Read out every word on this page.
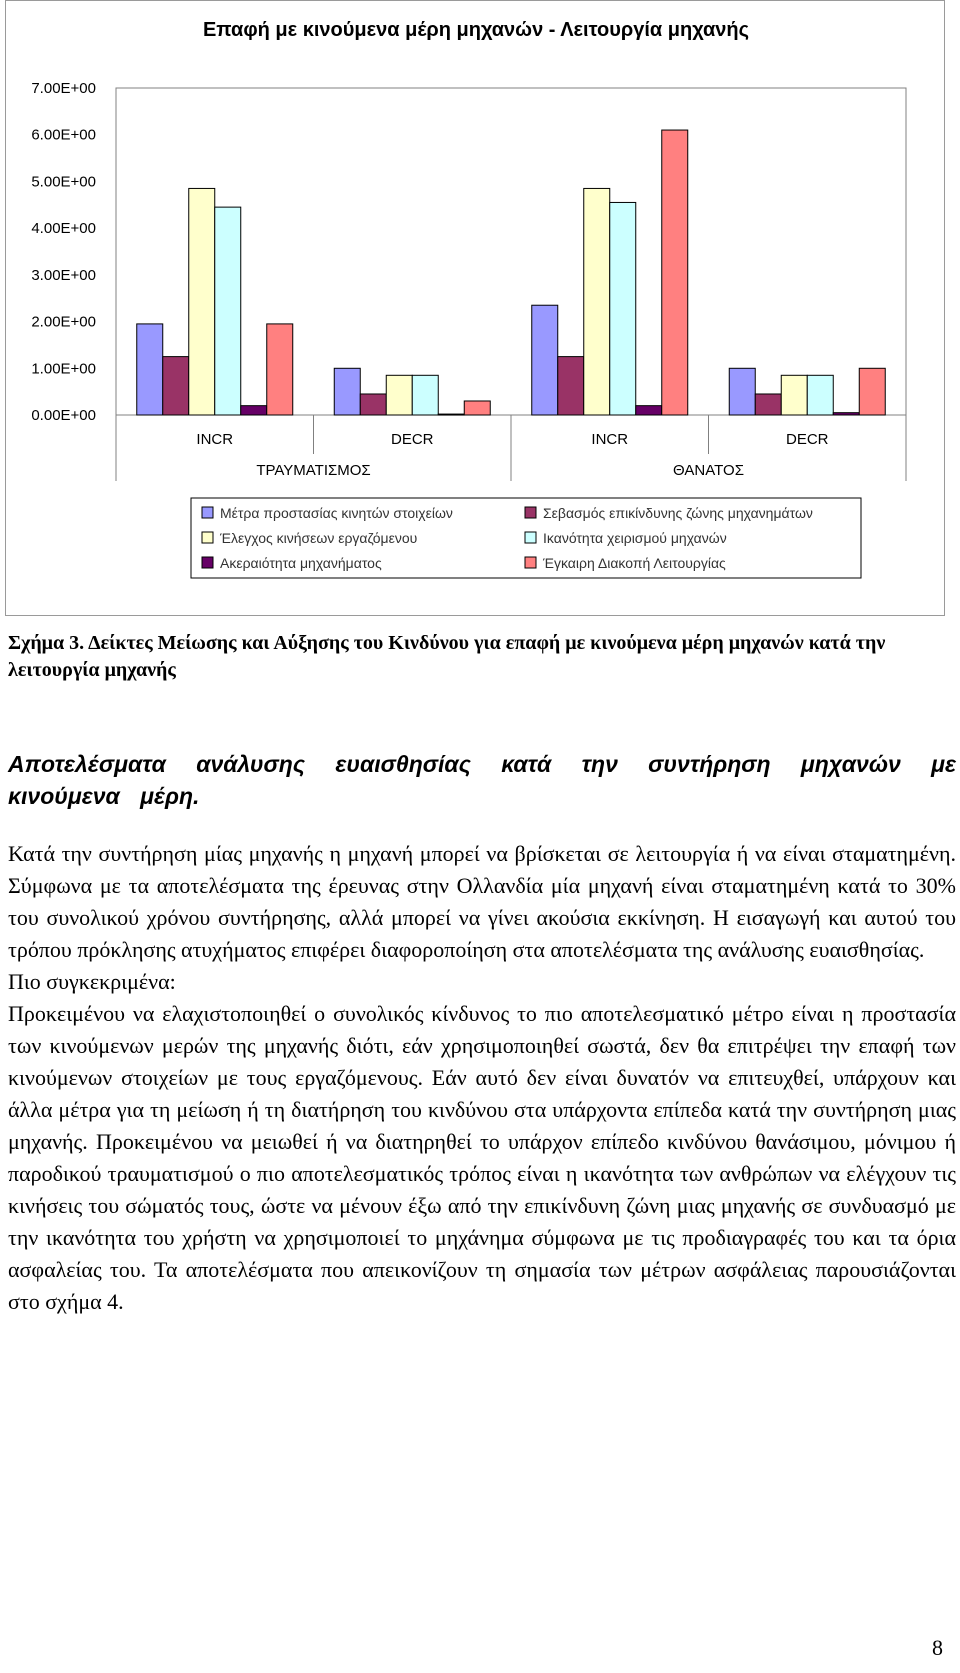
Επαφή με κινούμενα μέρη μηχανών - Λειτουργία μηχανής
7.00E+00
6.00E+00
5.00E+00
4.00E+00
3.00E+00
2.00E+00
1.00E+00
0.00E+00
INCR	DECR	INCR	DECR
ΤΡΑΥΜΑΤΙΣΜΟΣ	ΘΑΝΑΤΟΣ
Μέτρα προστασίας κινητών στοιχείων	Σεβασμός επικίνδυνης ζώνης μηχανημάτων
Έλεγχος κινήσεων εργαζόμενου	Ικανότητα χειρισμού μηχανών
Ακεραιότητα μηχανήματος	Έγκαιρη Διακοπή Λειτουργίας
Σχήμα 3. Δείκτες Μείωσης και Αύξησης του Κινδύνου για επαφή με κινούμενα μέρη μηχανών κατά την λειτουργία μηχανής
Αποτελέσματα ανάλυσης ευαισθησίας κατά την συντήρηση μηχανών με κινούμενα μέρη.

Κατά την συντήρηση μίας μηχανής η μηχανή μπορεί να βρίσκεται σε λειτουργία ή να είναι σταματημένη. Σύμφωνα με τα αποτελέσματα της έρευνας στην Ολλανδία μία μηχανή είναι σταματημένη κατά το 30% του συνολικού χρόνου συντήρησης, αλλά μπορεί να γίνει ακούσια εκκίνηση. Η εισαγωγή και αυτού του τρόπου πρόκλησης ατυχήματος επιφέρει διαφοροποίηση στα αποτελέσματα της ανάλυσης ευαισθησίας.

Πιο συγκεκριμένα:

Προκειμένου να ελαχιστοποιηθεί ο συνολικός κίνδυνος το πιο αποτελεσματικό μέτρο είναι η προστασία των κινούμενων μερών της μηχανής διότι, εάν χρησιμοποιηθεί σωστά, δεν θα επιτρέψει την επαφή των κινούμενων στοιχείων με τους εργαζόμενους. Εάν αυτό δεν είναι δυνατόν να επιτευχθεί, υπάρχουν και άλλα μέτρα για τη μείωση ή τη διατήρηση του κινδύνου στα υπάρχοντα επίπεδα κατά την συντήρηση μιας μηχανής. Προκειμένου να μειωθεί ή να διατηρηθεί το υπάρχον επίπεδο κινδύνου θανάσιμου, μόνιμου ή παροδικού τραυματισμού ο πιο αποτελεσματικός τρόπος είναι η ικανότητα των ανθρώπων να ελέγχουν τις κινήσεις του σώματός τους, ώστε να μένουν έξω από την επικίνδυνη ζώνη μιας μηχανής σε συνδυασμό με την ικανότητα του χρήστη να χρησιμοποιεί το μηχάνημα σύμφωνα με τις προδιαγραφές του και τα όρια ασφαλείας του. Τα αποτελέσματα που απεικονίζουν τη σημασία των μέτρων ασφάλειας παρουσιάζονται στο σχήμα 4.

8
